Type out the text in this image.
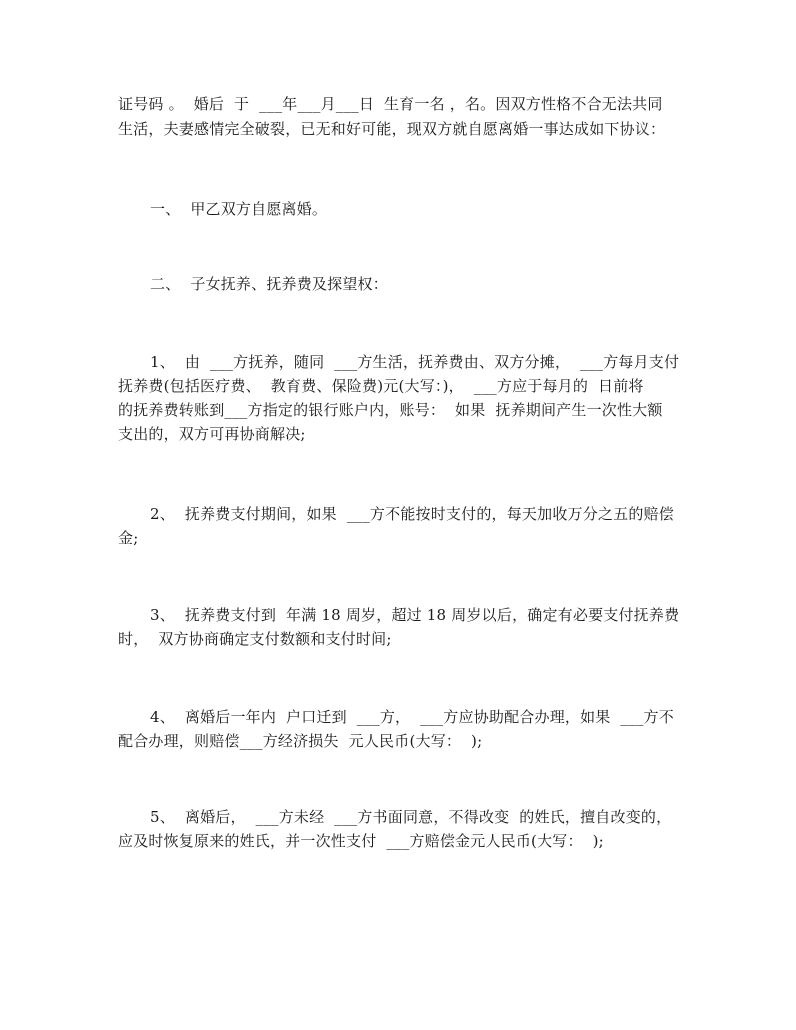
证号码 。  婚后  于  ___年___月___日  生育一名 ，名。因双方性格不合无法共同
生活，夫妻感情完全破裂，已无和好可能，现双方就自愿离婚一事达成如下协议：
一、  甲乙双方自愿离婚。
二、  子女抚养、抚养费及探望权：
1、  由  ___方抚养，随同  ___方生活，抚养费由、双方分摊，  ___方每月支付
抚养费(包括医疗费、  教育费、保险费)元(大写：)，  ___方应于每月的  日前将
的抚养费转账到___方指定的银行账户内，账号：  如果  抚养期间产生一次性大额
支出的，双方可再协商解决;
2、  抚养费支付期间，如果  ___方不能按时支付的，每天加收万分之五的赔偿
金;
3、  抚养费支付到  年满 18 周岁，超过 18 周岁以后，确定有必要支付抚养费
时，  双方协商确定支付数额和支付时间;
4、  离婚后一年内  户口迁到  ___方，  ___方应协助配合办理，如果  ___方不
配合办理，则赔偿___方经济损失  元人民币(大写：  );
5、  离婚后，  ___方未经  ___方书面同意，不得改变  的姓氏，擅自改变的，
应及时恢复原来的姓氏，并一次性支付  ___方赔偿金元人民币(大写：  );
